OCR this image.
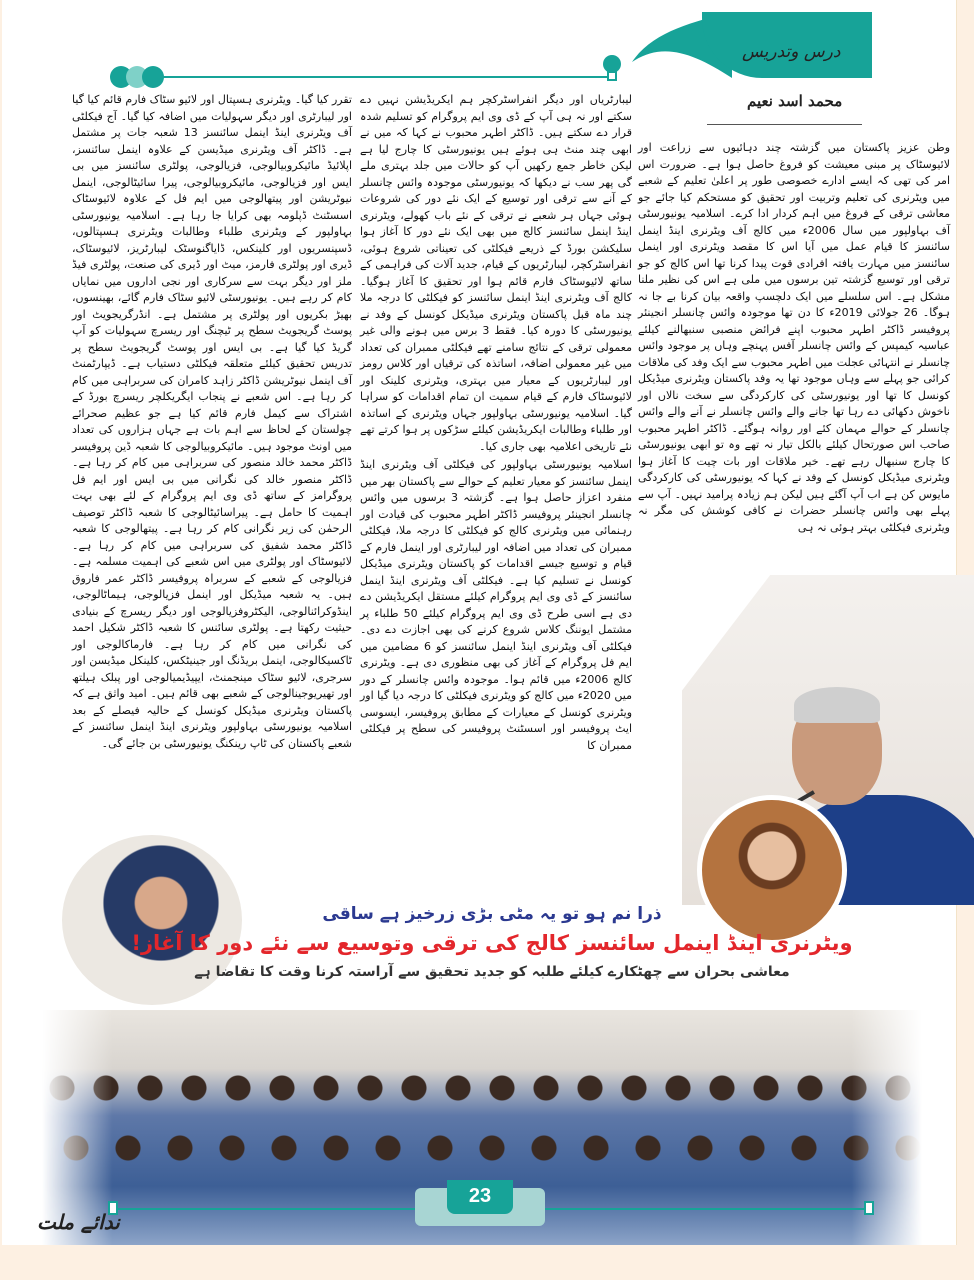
درس وتدریس
محمد اسد نعیم

وطن عزیز پاکستان میں گزشتہ چند دہائیوں سے زراعت اور لائیوسٹاک پر مبنی معیشت کو فروغ حاصل ہوا ہے۔ ضرورت اس امر کی تھی کہ ایسے ادارے خصوصی طور پر اعلیٰ تعلیم کے شعبے میں ویٹرنری کی تعلیم وتربیت اور تحقیق کو مستحکم کیا جائے جو معاشی ترقی کے فروغ میں اہم کردار ادا کرے۔ اسلامیہ یونیورسٹی آف بہاولپور میں سال 2006ء میں کالج آف ویٹرنری اینڈ اینمل سائنسز کا قیام عمل میں آیا اس کا مقصد ویٹرنری اور اینمل سائنسز میں مہارت یافتہ افرادی قوت پیدا کرنا تھا اس کالج کو جو ترقی اور توسیع گزشتہ تین برسوں میں ملی ہے اس کی نظیر ملنا مشکل ہے۔ اس سلسلے میں ایک دلچسپ واقعہ بیان کرنا بے جا نہ ہوگا۔ 26 جولائی 2019ء کا دن تھا موجودہ وائس چانسلر انجینئر پروفیسر ڈاکٹر اطہر محبوب اپنے فرائض منصبی سنبھالنے کیلئے عباسیہ کیمپس کے وائس چانسلر آفس پہنچے وہاں پر موجود وائس چانسلر نے انتہائی عجلت میں اطہر محبوب سے ایک وفد کی ملاقات کرائی جو پہلے سے وہاں موجود تھا یہ وفد پاکستان ویٹرنری میڈیکل کونسل کا تھا اور یونیورسٹی کی کارکردگی سے سخت نالاں اور ناخوش دکھائی دے رہا تھا جانے والے وائس چانسلر نے آنے والے وائس چانسلر کے حوالے مہمان کئے اور روانہ ہوگئے۔ ڈاکٹر اطہر محبوب صاحب اس صورتحال کیلئے بالکل تیار نہ تھے وہ تو ابھی یونیورسٹی کا چارج سنبھال رہے تھے۔ خیر ملاقات اور بات چیت کا آغاز ہوا ویٹرنری میڈیکل کونسل کے وفد نے کہا کہ یونیورسٹی کی کارکردگی مایوس کن ہے اب آپ آگئے ہیں لیکن ہم زیادہ پرامید نہیں۔ آپ سے پہلے بھی وائس چانسلر حضرات نے کافی کوشش کی مگر نہ ویٹرنری فیکلٹی بہتر ہوئی نہ ہی

لیبارٹریاں اور دیگر انفراسٹرکچر ہم ایکریڈیشن نہیں دے سکتے اور نہ ہی آپ کے ڈی وی ایم پروگرام کو تسلیم شدہ قرار دے سکتے ہیں۔ ڈاکٹر اطہر محبوب نے کہا کہ میں نے ابھی چند منٹ ہی ہوئے ہیں یونیورسٹی کا چارج لیا ہے لیکن خاطر جمع رکھیں آپ کو حالات میں جلد بہتری ملے گی پھر سب نے دیکھا کہ یونیورسٹی موجودہ وائس چانسلر کے آنے سے ترقی اور توسیع کے ایک نئے دور کی شروعات ہوئی جہاں ہر شعبے نے ترقی کے نئے باب کھولے، ویٹرنری اینڈ اینمل سائنسز کالج میں بھی ایک نئے دور کا آغاز ہوا سلیکشن بورڈ کے ذریعے فیکلٹی کی تعیناتی شروع ہوئی، انفراسٹرکچر، لیبارٹریوں کے قیام، جدید آلات کی فراہمی کے ساتھ لائیوسٹاک فارم قائم ہوا اور تحقیق کا آغاز ہوگیا۔ کالج آف ویٹرنری اینڈ اینمل سائنسز کو فیکلٹی کا درجہ ملا چند ماہ قبل پاکستان ویٹرنری میڈیکل کونسل کے وفد نے یونیورسٹی کا دورہ کیا۔ فقط 3 برس میں ہونے والی غیر معمولی ترقی کے نتائج سامنے تھے فیکلٹی ممبران کی تعداد میں غیر معمولی اضافہ، اساتذہ کی ترقیاں اور کلاس رومز اور لیبارٹریوں کے معیار میں بہتری، ویٹرنری کلینک اور لائیوسٹاک فارم کے قیام سمیت ان تمام اقدامات کو سراہا گیا۔ اسلامیہ یونیورسٹی بہاولپور جہاں ویٹرنری کے اساتذہ اور طلباء وطالبات ایکریڈیشن کیلئے سڑکوں پر ہوا کرتے تھے نئے تاریخی اعلامیہ بھی جاری کیا۔

اسلامیہ یونیورسٹی بہاولپور کی فیکلٹی آف ویٹرنری اینڈ اینمل سائنسز کو معیار تعلیم کے حوالے سے پاکستان بھر میں منفرد اعزاز حاصل ہوا ہے۔ گزشتہ 3 برسوں میں وائس چانسلر انجینئر پروفیسر ڈاکٹر اطہر محبوب کی قیادت اور رہنمائی میں ویٹرنری کالج کو فیکلٹی کا درجہ ملا، فیکلٹی ممبران کی تعداد میں اضافہ اور لیبارٹری اور اینمل فارم کے قیام و توسیع جیسے اقدامات کو پاکستان ویٹرنری میڈیکل کونسل نے تسلیم کیا ہے۔ فیکلٹی آف ویٹرنری اینڈ اینمل سائنسز کے ڈی وی ایم پروگرام کیلئے مستقل ایکریڈیشن دے دی ہے اسی طرح ڈی وی ایم پروگرام کیلئے 50 طلباء پر مشتمل ایوننگ کلاس شروع کرنے کی بھی اجازت دے دی۔ فیکلٹی آف ویٹرنری اینڈ اینمل سائنسز کو 6 مضامین میں ایم فل پروگرام کے آغاز کی بھی منظوری دی ہے۔ ویٹرنری کالج 2006ء میں قائم ہوا۔ موجودہ وائس چانسلر کے دور میں 2020ء میں کالج کو ویٹرنری فیکلٹی کا درجہ دیا گیا اور ویٹرنری کونسل کے معیارات کے مطابق پروفیسر، ایسوسی ایٹ پروفیسر اور اسسٹنٹ پروفیسر کی سطح پر فیکلٹی ممبران کا

تقرر کیا گیا۔ ویٹرنری ہسپتال اور لائیو سٹاک فارم قائم کیا گیا اور لیبارٹری اور دیگر سہولیات میں اضافہ کیا گیا۔ آج فیکلٹی آف ویٹرنری اینڈ اینمل سائنسز 13 شعبہ جات پر مشتمل ہے۔ ڈاکٹر آف ویٹرنری میڈیسن کے علاوہ اینمل سائنسز، اپلائیڈ مائیکروبیالوجی، فزیالوجی، پولٹری سائنسز میں بی ایس اور فزیالوجی، مائیکروبیالوجی، پیرا سائیٹالوجی، اینمل نیوٹریشن اور پیتھالوجی میں ایم فل کے علاوہ لائیوسٹاک اسسٹنٹ ڈپلومہ بھی کرایا جا رہا ہے۔ اسلامیہ یونیورسٹی بہاولپور کے ویٹرنری طلباء وطالبات ویٹرنری ہسپتالوں، ڈسپنسریوں اور کلینکس، ڈایاگنوسٹک لیبارٹریز، لائیوسٹاک، ڈیری اور پولٹری فارمز، میٹ اور ڈیری کی صنعت، پولٹری فیڈ ملز اور دیگر بہت سے سرکاری اور نجی اداروں میں نمایاں کام کر رہے ہیں۔ یونیورسٹی لائیو سٹاک فارم گائے، بھینسوں، بھیڑ بکریوں اور پولٹری پر مشتمل ہے۔ انڈرگریجویٹ اور پوسٹ گریجویٹ سطح پر ٹیچنگ اور ریسرچ سہولیات کو آپ گریڈ کیا گیا ہے۔ بی ایس اور پوسٹ گریجویٹ سطح پر تدریس تحقیق کیلئے متعلقہ فیکلٹی دستیاب ہے۔ ڈیپارٹمنٹ آف اینمل نیوٹریشن ڈاکٹر زاہد کامران کی سربراہی میں کام کر رہا ہے۔ اس شعبے نے پنجاب ایگریکلچر ریسرچ بورڈ کے اشتراک سے کیمل فارم قائم کیا ہے جو عظیم صحرائے چولستان کے لحاظ سے اہم بات ہے جہاں ہزاروں کی تعداد میں اونٹ موجود ہیں۔ مائیکروبیالوجی کا شعبہ ڈین پروفیسر ڈاکٹر محمد خالد منصور کی سربراہی میں کام کر رہا ہے۔ ڈاکٹر منصور خالد کی نگرانی میں بی ایس اور ایم فل پروگرامز کے ساتھ ڈی وی ایم پروگرام کے لئے بھی بہت اہمیت کا حامل ہے۔ پیراسائیٹالوجی کا شعبہ ڈاکٹر توصیف الرحمٰن کی زیر نگرانی کام کر رہا ہے۔ پیتھالوجی کا شعبہ ڈاکٹر محمد شفیق کی سربراہی میں کام کر رہا ہے۔ لائیوسٹاک اور پولٹری میں اس شعبے کی اہمیت مسلمہ ہے۔ فزیالوجی کے شعبے کے سربراہ پروفیسر ڈاکٹر عمر فاروق ہیں۔ یہ شعبہ میڈیکل اور اینمل فزیالوجی، ہیماٹالوجی، اینڈوکرائنالوجی، الیکٹروفزیالوجی اور دیگر ریسرچ کے بنیادی حیثیت رکھتا ہے۔ پولٹری سائنس کا شعبہ ڈاکٹر شکیل احمد کی نگرانی میں کام کر رہا ہے۔ فارماکالوجی اور ٹاکسیکالوجی، اینمل بریڈنگ اور جینیٹکس، کلینکل میڈیسن اور سرجری، لائیو سٹاک مینجمنٹ، ایپیڈیمیالوجی اور پبلک ہیلتھ اور تھیریوجینالوجی کے شعبے بھی قائم ہیں۔ امید واثق ہے کہ پاکستان ویٹرنری میڈیکل کونسل کے حالیہ فیصلے کے بعد اسلامیہ یونیورسٹی بہاولپور ویٹرنری اینڈ اینمل سائنسز کے شعبے پاکستان کی ٹاپ رینکنگ یونیورسٹی بن جائے گی۔

ذرا نم ہو تو یہ مٹی بڑی زرخیز ہے ساقی
ویٹرنری اینڈ اینمل سائنسز کالج کی ترقی وتوسیع سے نئے دور کا آغاز!
معاشی بحران سے چھٹکارے کیلئے طلبہ کو جدید تحقیق سے آراستہ کرنا وقت کا تقاضا ہے
23
ندائے ملت
